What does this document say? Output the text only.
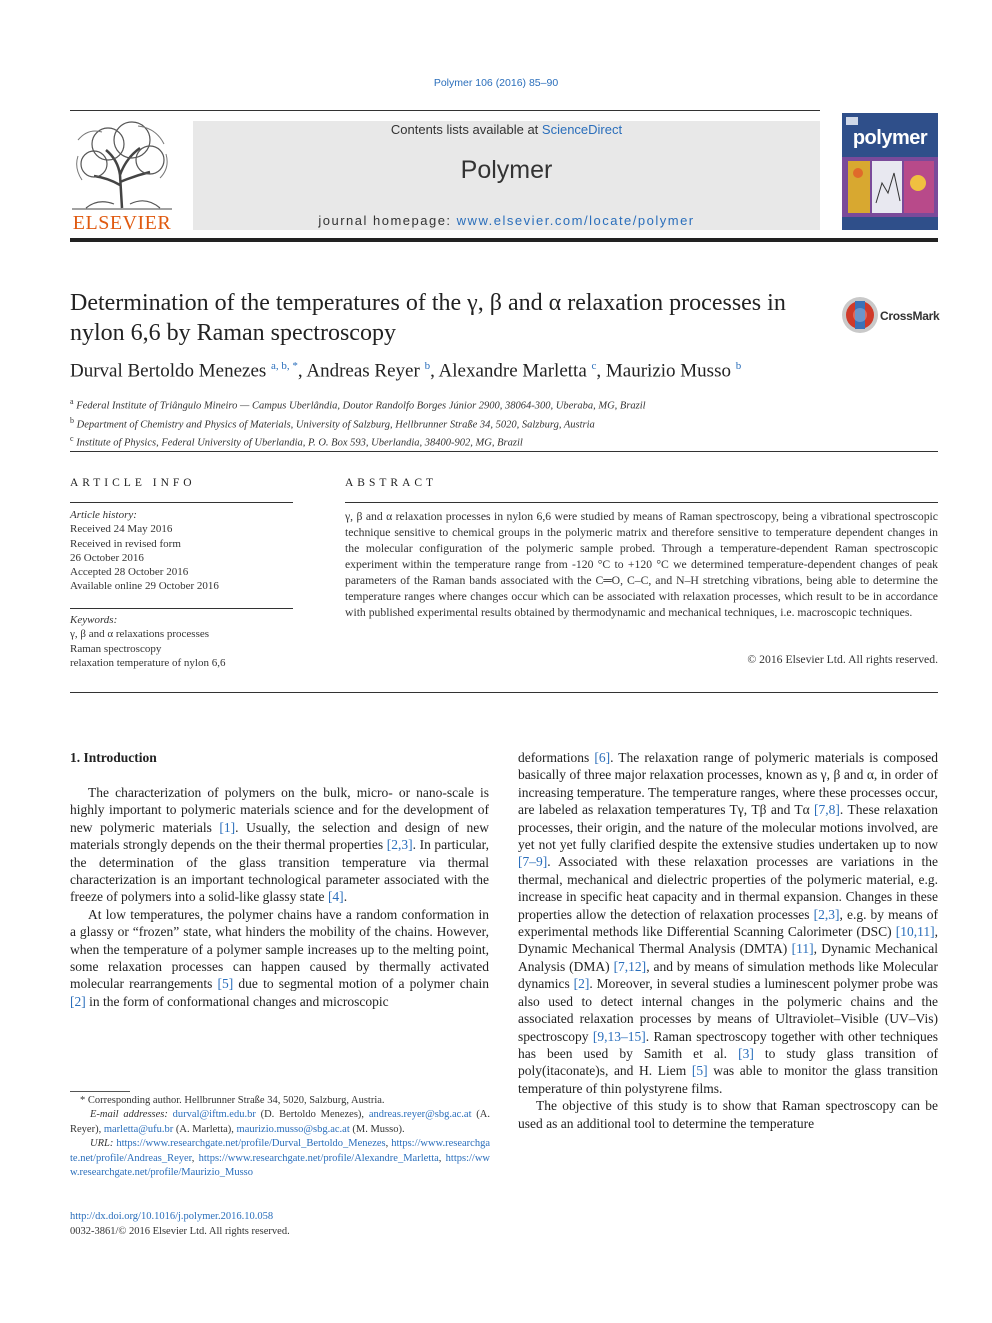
Polymer 106 (2016) 85–90
ELSEVIER
Contents lists available at ScienceDirect
Polymer
journal homepage: www.elsevier.com/locate/polymer
polymer
Determination of the temperatures of the γ, β and α relaxation processes in nylon 6,6 by Raman spectroscopy
CrossMark
Durval Bertoldo Menezes $^{a, b, *}$, Andreas Reyer $^b$, Alexandre Marletta $^c$, Maurizio Musso $^b$
$^a$ Federal Institute of Triângulo Mineiro — Campus Uberlândia, Doutor Randolfo Borges Júnior 2900, 38064-300, Uberaba, MG, Brazil
$^b$ Department of Chemistry and Physics of Materials, University of Salzburg, Hellbrunner Straße 34, 5020, Salzburg, Austria
$^c$ Institute of Physics, Federal University of Uberlandia, P. O. Box 593, Uberlandia, 38400-902, MG, Brazil
ARTICLE INFO
Article history:
Received 24 May 2016
Received in revised form
26 October 2016
Accepted 28 October 2016
Available online 29 October 2016
Keywords:
γ, β and α relaxations processes
Raman spectroscopy
relaxation temperature of nylon 6,6
ABSTRACT
γ, β and α relaxation processes in nylon 6,6 were studied by means of Raman spectroscopy, being a vibrational spectroscopic technique sensitive to chemical groups in the polymeric matrix and therefore sensitive to temperature dependent changes in the molecular configuration of the polymeric sample probed. Through a temperature-dependent Raman spectroscopic experiment within the temperature range from -120 °C to +120 °C we determined temperature-dependent changes of peak parameters of the Raman bands associated with the C═O, C–C, and N–H stretching vibrations, being able to determine the temperature ranges where changes occur which can be associated with relaxation processes, which result to be in accordance with published experimental results obtained by thermodynamic and mechanical techniques, i.e. macroscopic techniques.
© 2016 Elsevier Ltd. All rights reserved.
1. Introduction

The characterization of polymers on the bulk, micro- or nano-scale is highly important to polymeric materials science and for the development of new polymeric materials [1]. Usually, the selection and design of new materials strongly depends on the their thermal properties [2,3]. In particular, the determination of the glass transition temperature via thermal characterization is an important technological parameter associated with the freeze of polymers into a solid-like glassy state [4].

At low temperatures, the polymer chains have a random conformation in a glassy or “frozen” state, what hinders the mobility of the chains. However, when the temperature of a polymer sample increases up to the melting point, some relaxation processes can happen caused by thermally activated molecular rearrangements [5] due to segmental motion of a polymer chain [2] in the form of conformational changes and microscopic

deformations [6]. The relaxation range of polymeric materials is composed basically of three major relaxation processes, known as γ, β and α, in order of increasing temperature. The temperature ranges, where these processes occur, are labeled as relaxation temperatures Tγ, Tβ and Tα [7,8]. These relaxation processes, their origin, and the nature of the molecular motions involved, are yet not yet fully clarified despite the extensive studies undertaken up to now [7–9]. Associated with these relaxation processes are variations in the thermal, mechanical and dielectric properties of the polymeric material, e.g. increase in specific heat capacity and in thermal expansion. Changes in these properties allow the detection of relaxation processes [2,3], e.g. by means of experimental methods like Differential Scanning Calorimeter (DSC) [10,11], Dynamic Mechanical Thermal Analysis (DMTA) [11], Dynamic Mechanical Analysis (DMA) [7,12], and by means of simulation methods like Molecular dynamics [2]. Moreover, in several studies a luminescent polymer probe was also used to detect internal changes in the polymeric chains and the associated relaxation processes by means of Ultraviolet–Visible (UV–Vis) spectroscopy [9,13–15]. Raman spectroscopy together with other techniques has been used by Samith et al. [3] to study glass transition of poly(itaconate)s, and H. Liem [5] was able to monitor the glass transition temperature of thin polystyrene films.

The objective of this study is to show that Raman spectroscopy can be used as an additional tool to determine the temperature

* Corresponding author. Hellbrunner Straße 34, 5020, Salzburg, Austria.
E-mail addresses: durval@iftm.edu.br (D. Bertoldo Menezes), andreas.reyer@sbg.ac.at (A. Reyer), marletta@ufu.br (A. Marletta), maurizio.musso@sbg.ac.at (M. Musso).
URL: https://www.researchgate.net/profile/Durval_Bertoldo_Menezes, https://www.researchgate.net/profile/Andreas_Reyer, https://www.researchgate.net/profile/Alexandre_Marletta, https://www.researchgate.net/profile/Maurizio_Musso
http://dx.doi.org/10.1016/j.polymer.2016.10.058
0032-3861/© 2016 Elsevier Ltd. All rights reserved.
